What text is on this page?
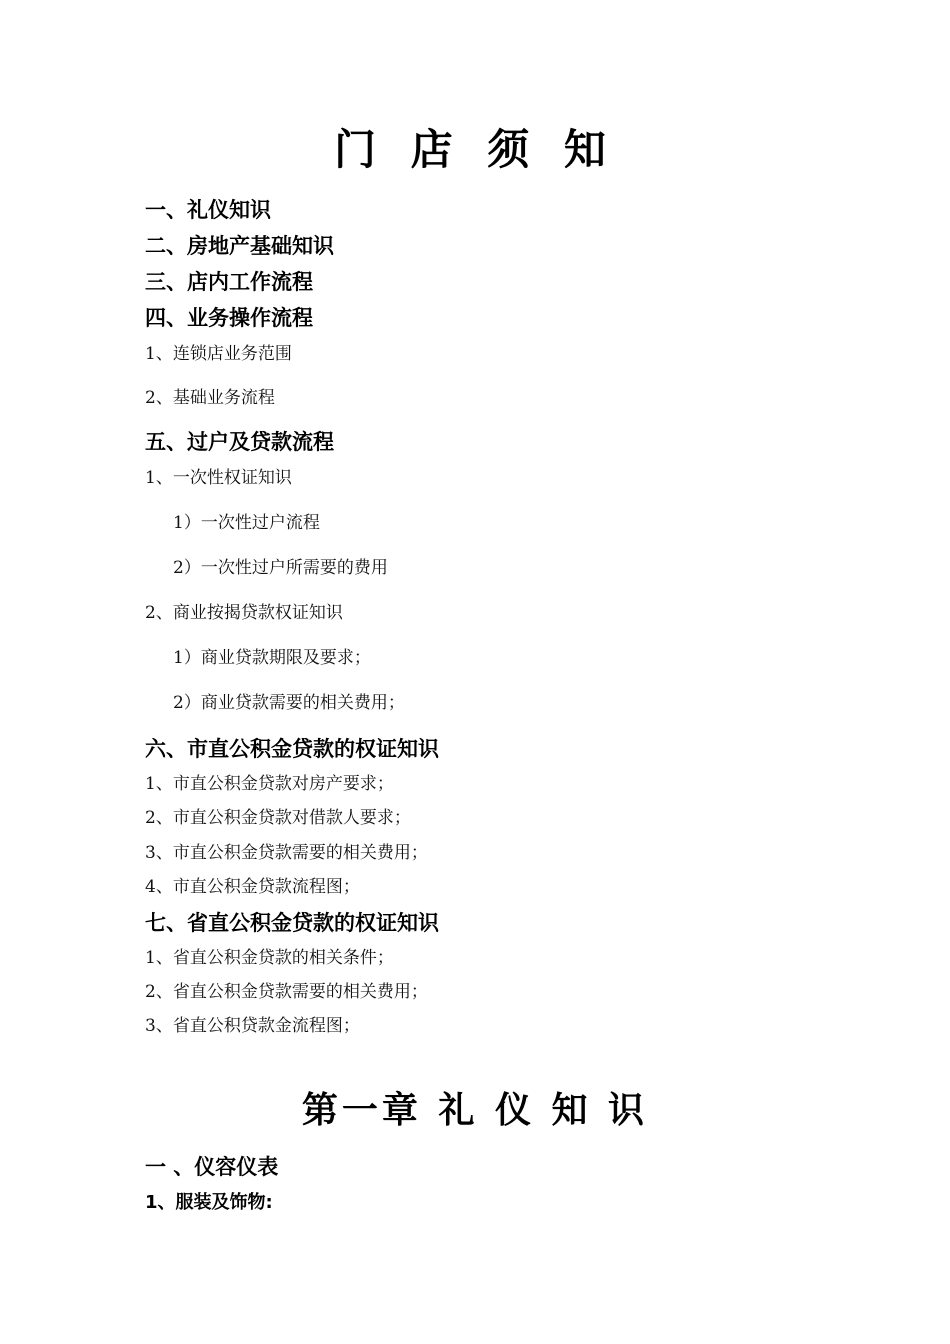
门 店 须 知
一、礼仪知识
二、房地产基础知识
三、店内工作流程
四、业务操作流程
1、连锁店业务范围
2、基础业务流程
五、过户及贷款流程
1、一次性权证知识
1）一次性过户流程
2）一次性过户所需要的费用
2、商业按揭贷款权证知识
1）商业贷款期限及要求；
2）商业贷款需要的相关费用；
六、市直公积金贷款的权证知识
1、市直公积金贷款对房产要求；
2、市直公积金贷款对借款人要求；
3、市直公积金贷款需要的相关费用；
4、市直公积金贷款流程图；
七、省直公积金贷款的权证知识
1、省直公积金贷款的相关条件；
2、省直公积金贷款需要的相关费用；
3、省直公积贷款金流程图；
第一章 礼 仪 知 识
一 、仪容仪表
1、服装及饰物:
